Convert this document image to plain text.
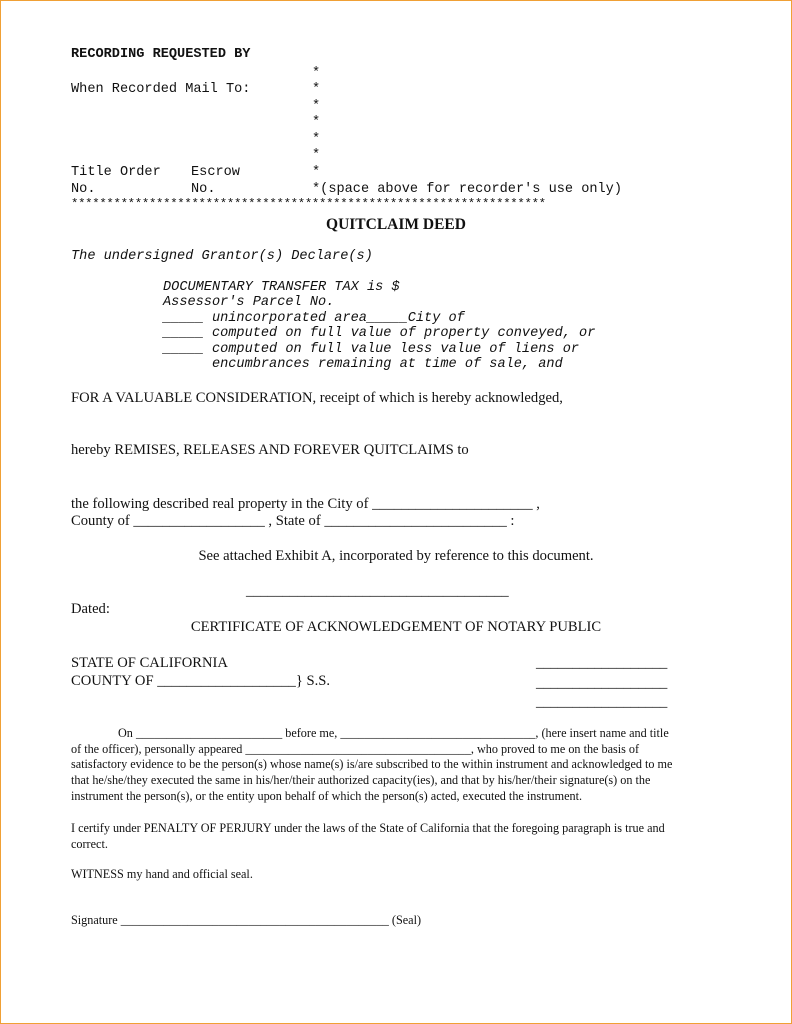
RECORDING REQUESTED BY
*
When Recorded Mail To:	*
*
*
*
*
Title Order Escrow	*
No.	No.	*(space above for recorder's use only)
*******************************************************************
QUITCLAIM DEED
The undersigned Grantor(s) Declare(s)
DOCUMENTARY TRANSFER TAX is $
Assessor's Parcel No.
_____ unincorporated area_____City of
_____ computed on full value of property conveyed, or
_____ computed on full value less value of liens or
encumbrances remaining at time of sale, and
FOR A VALUABLE CONSIDERATION, receipt of which is hereby acknowledged,
hereby REMISES, RELEASES AND FOREVER QUITCLAIMS to
the following described real property in the City of ______________________ ,
County of __________________ , State of _________________________ :
See attached Exhibit A, incorporated by reference to this document.
____________________________________
Dated:
CERTIFICATE OF ACKNOWLEDGEMENT OF NOTARY PUBLIC
STATE OF CALIFORNIA
COUNTY OF ___________________} S.S.
__________________
__________________
__________________
On ________________________ before me, ________________________________, (here insert name and title
of the officer), personally appeared _____________________________________, who proved to me on the basis of
satisfactory evidence to be the person(s) whose name(s) is/are subscribed to the within instrument and acknowledged to me
that he/she/they executed the same in his/her/their authorized capacity(ies), and that by his/her/their signature(s) on the
instrument the person(s), or the entity upon behalf of which the person(s) acted, executed the instrument.
I certify under PENALTY OF PERJURY under the laws of the State of California that the foregoing paragraph is true and
correct.
WITNESS my hand and official seal.
Signature ____________________________________________ (Seal)
